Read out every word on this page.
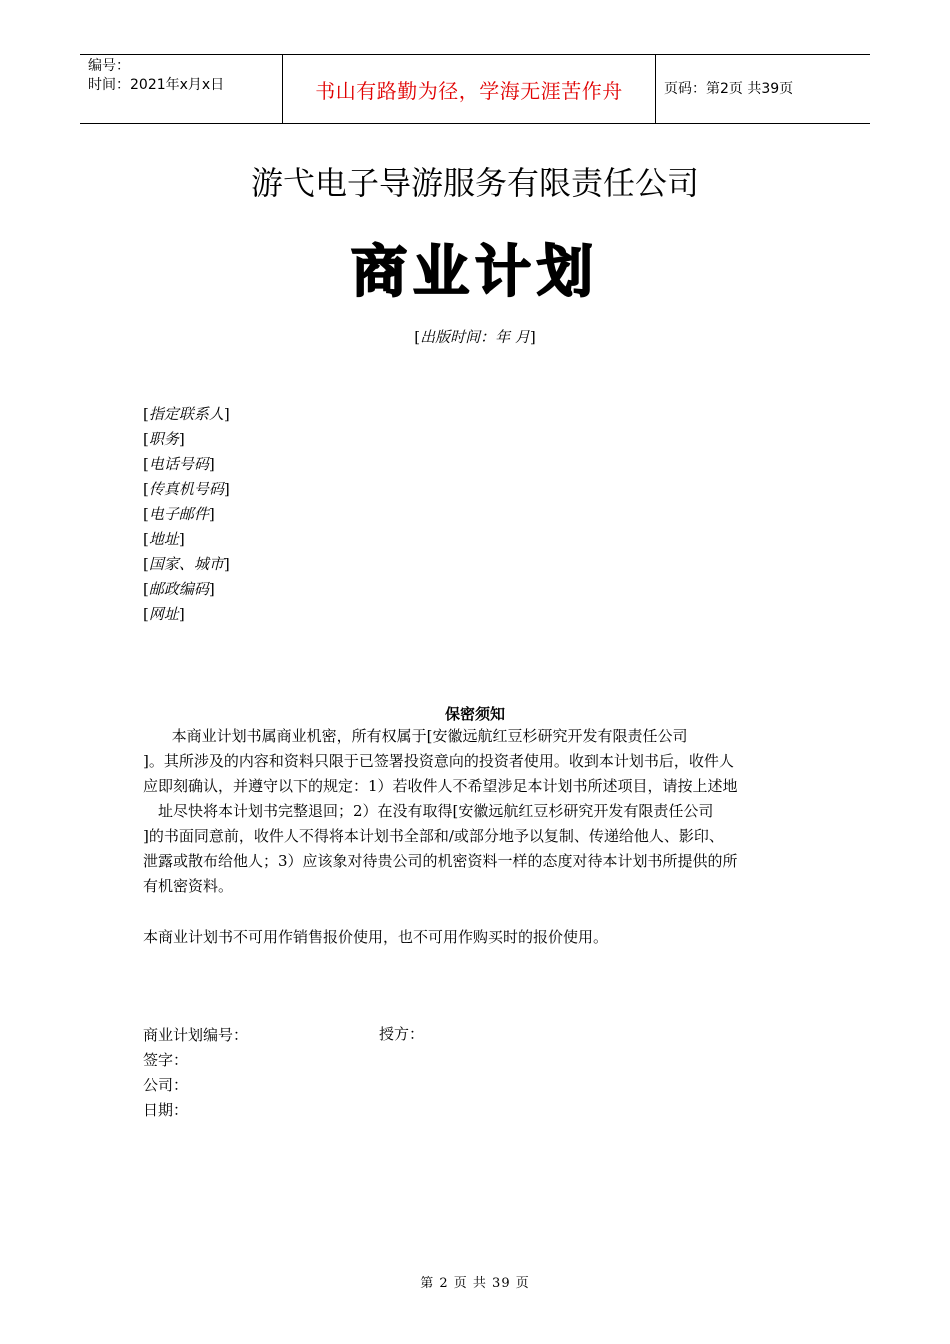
编号：
时间：2021年x月x日	书山有路勤为径，学海无涯苦作舟	页码：第2页 共39页
游弋电子导游服务有限责任公司
商业计划
[出版时间：年 月]
[指定联系人]
[职务]
[电话号码]
[传真机号码]
[电子邮件]
[地址]
[国家、城市]
[邮政编码]
[网址]
保密须知
本商业计划书属商业机密，所有权属于[安徽远航红豆杉研究开发有限责任公司
]。其所涉及的内容和资料只限于已签署投资意向的投资者使用。收到本计划书后，收件人
应即刻确认，并遵守以下的规定：1）若收件人不希望涉足本计划书所述项目，请按上述地
址尽快将本计划书完整退回；2）在没有取得[安徽远航红豆杉研究开发有限责任公司
]的书面同意前，收件人不得将本计划书全部和/或部分地予以复制、传递给他人、影印、
泄露或散布给他人；3）应该象对待贵公司的机密资料一样的态度对待本计划书所提供的所
有机密资料。
本商业计划书不可用作销售报价使用，也不可用作购买时的报价使用。
商业计划编号：
签字：
公司：
日期：
授方：
第 2 页 共 39 页
